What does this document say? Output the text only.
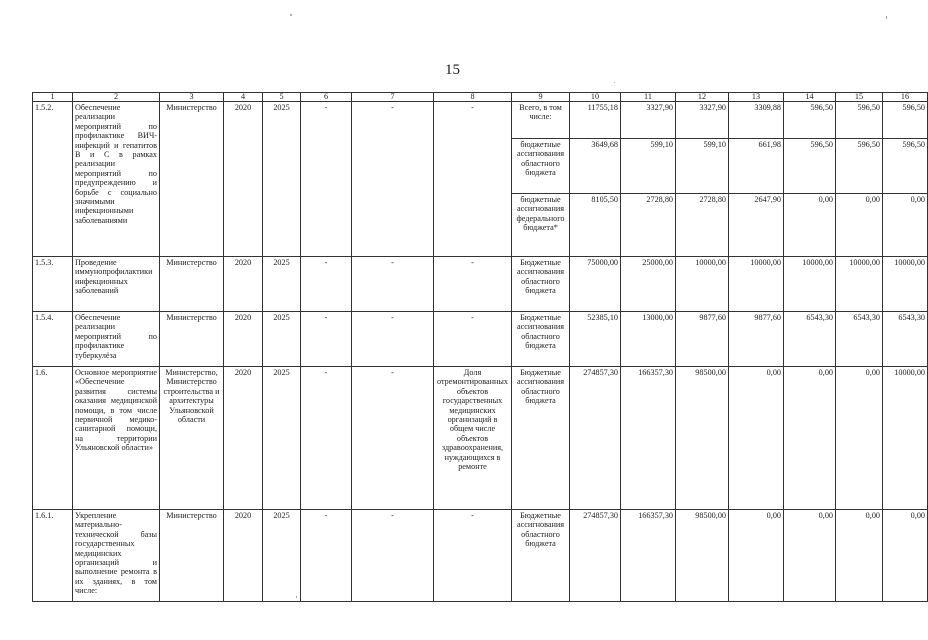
15
1	2	3	4	5	6	7	8	9	10	11	12	13	14	15	16
1.5.2.	Обеспечение реализации мероприятий по профилактике ВИЧ-инфекций и гепатитов В и С в рамках реализации мероприятий по предупреждению и борьбе с социально значимыми инфекционными заболеваниями	Министерство	2020	2025	-	-	-	Всего, в том числе:	11755,18	3327,90	3327,90	3309,88	596,50	596,50	596,50
								бюджетные ассигнования областного бюджета	3649,68	599,10	599,10	661,98	596,50	596,50	596,50
								бюджетные ассигнования федерального бюджета*	8105,50	2728,80	2728,80	2647,90	0,00	0,00	0,00
1.5.3.	Проведение иммунопрофилактики инфекционных заболеваний	Министерство	2020	2025	-	-	-	Бюджетные ассигнования областного бюджета	75000,00	25000,00	10000,00	10000,00	10000,00	10000,00	10000,00
1.5.4.	Обеспечение реализации мероприятий по профилактике туберкулёза	Министерство	2020	2025	-	-	-	Бюджетные ассигнования областного бюджета	52385,10	13000,00	9877,60	9877,60	6543,30	6543,30	6543,30
1.6.	Основное мероприятие «Обеспечение развития системы оказания медицинской помощи, в том числе первичной медико-санитарной помощи, на территории Ульяновской области»	Министерство, Министерство строительства и архитектуры Ульяновской области	2020	2025	-	-	Доля отремонтированных объектов государственных медицинских организаций в общем числе объектов здравоохранения, нуждающихся в ремонте	Бюджетные ассигнования областного бюджета	274857,30	166357,30	98500,00	0,00	0,00	0,00	10000,00
1.6.1.	Укрепление материально-технической базы государственных медицинских организаций и выполнение ремонта в их зданиях, в том числе:	Министерство	2020	2025	-	-	-	Бюджетные ассигнования областного бюджета	274857,30	166357,30	98500,00	0,00	0,00	0,00	0,00
